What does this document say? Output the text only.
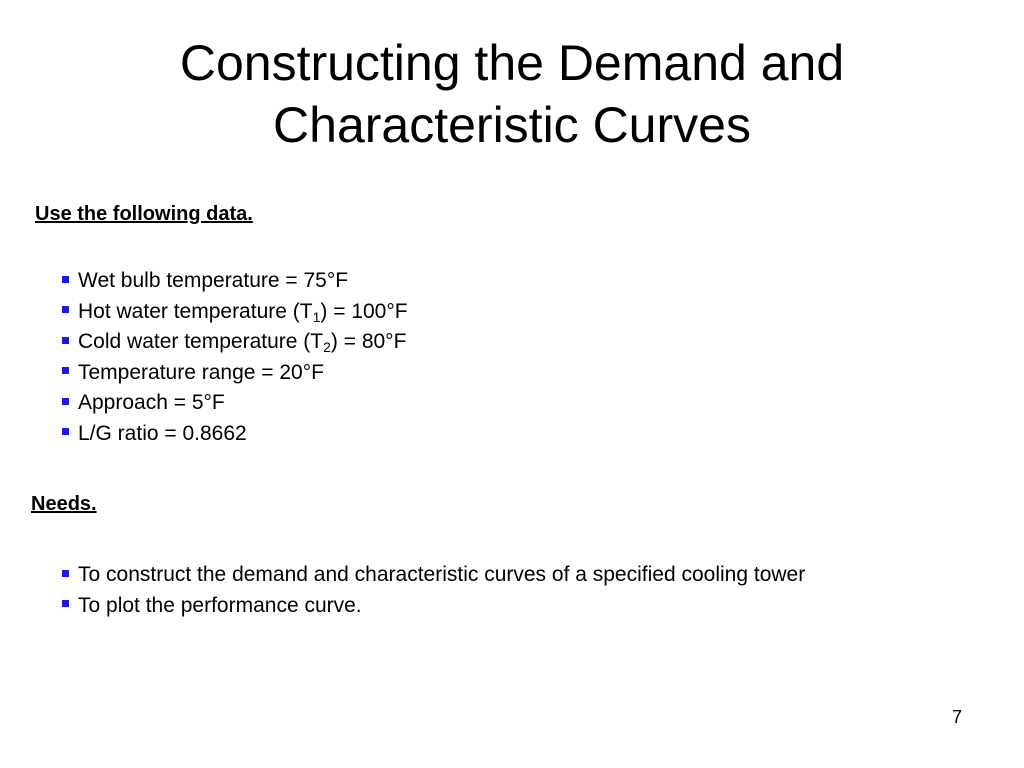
Constructing the Demand and
Characteristic Curves
Use the following data.
Wet bulb temperature = 75°F
Hot water temperature $(T_1) = 100^\circ F$
Cold water temperature $(T_2) = 80^\circ F$
Temperature range = 20°F
Approach = 5°F
L/G ratio = 0.8662
Needs.
To construct the demand and characteristic curves of a specified cooling tower
To plot the performance curve.
7
